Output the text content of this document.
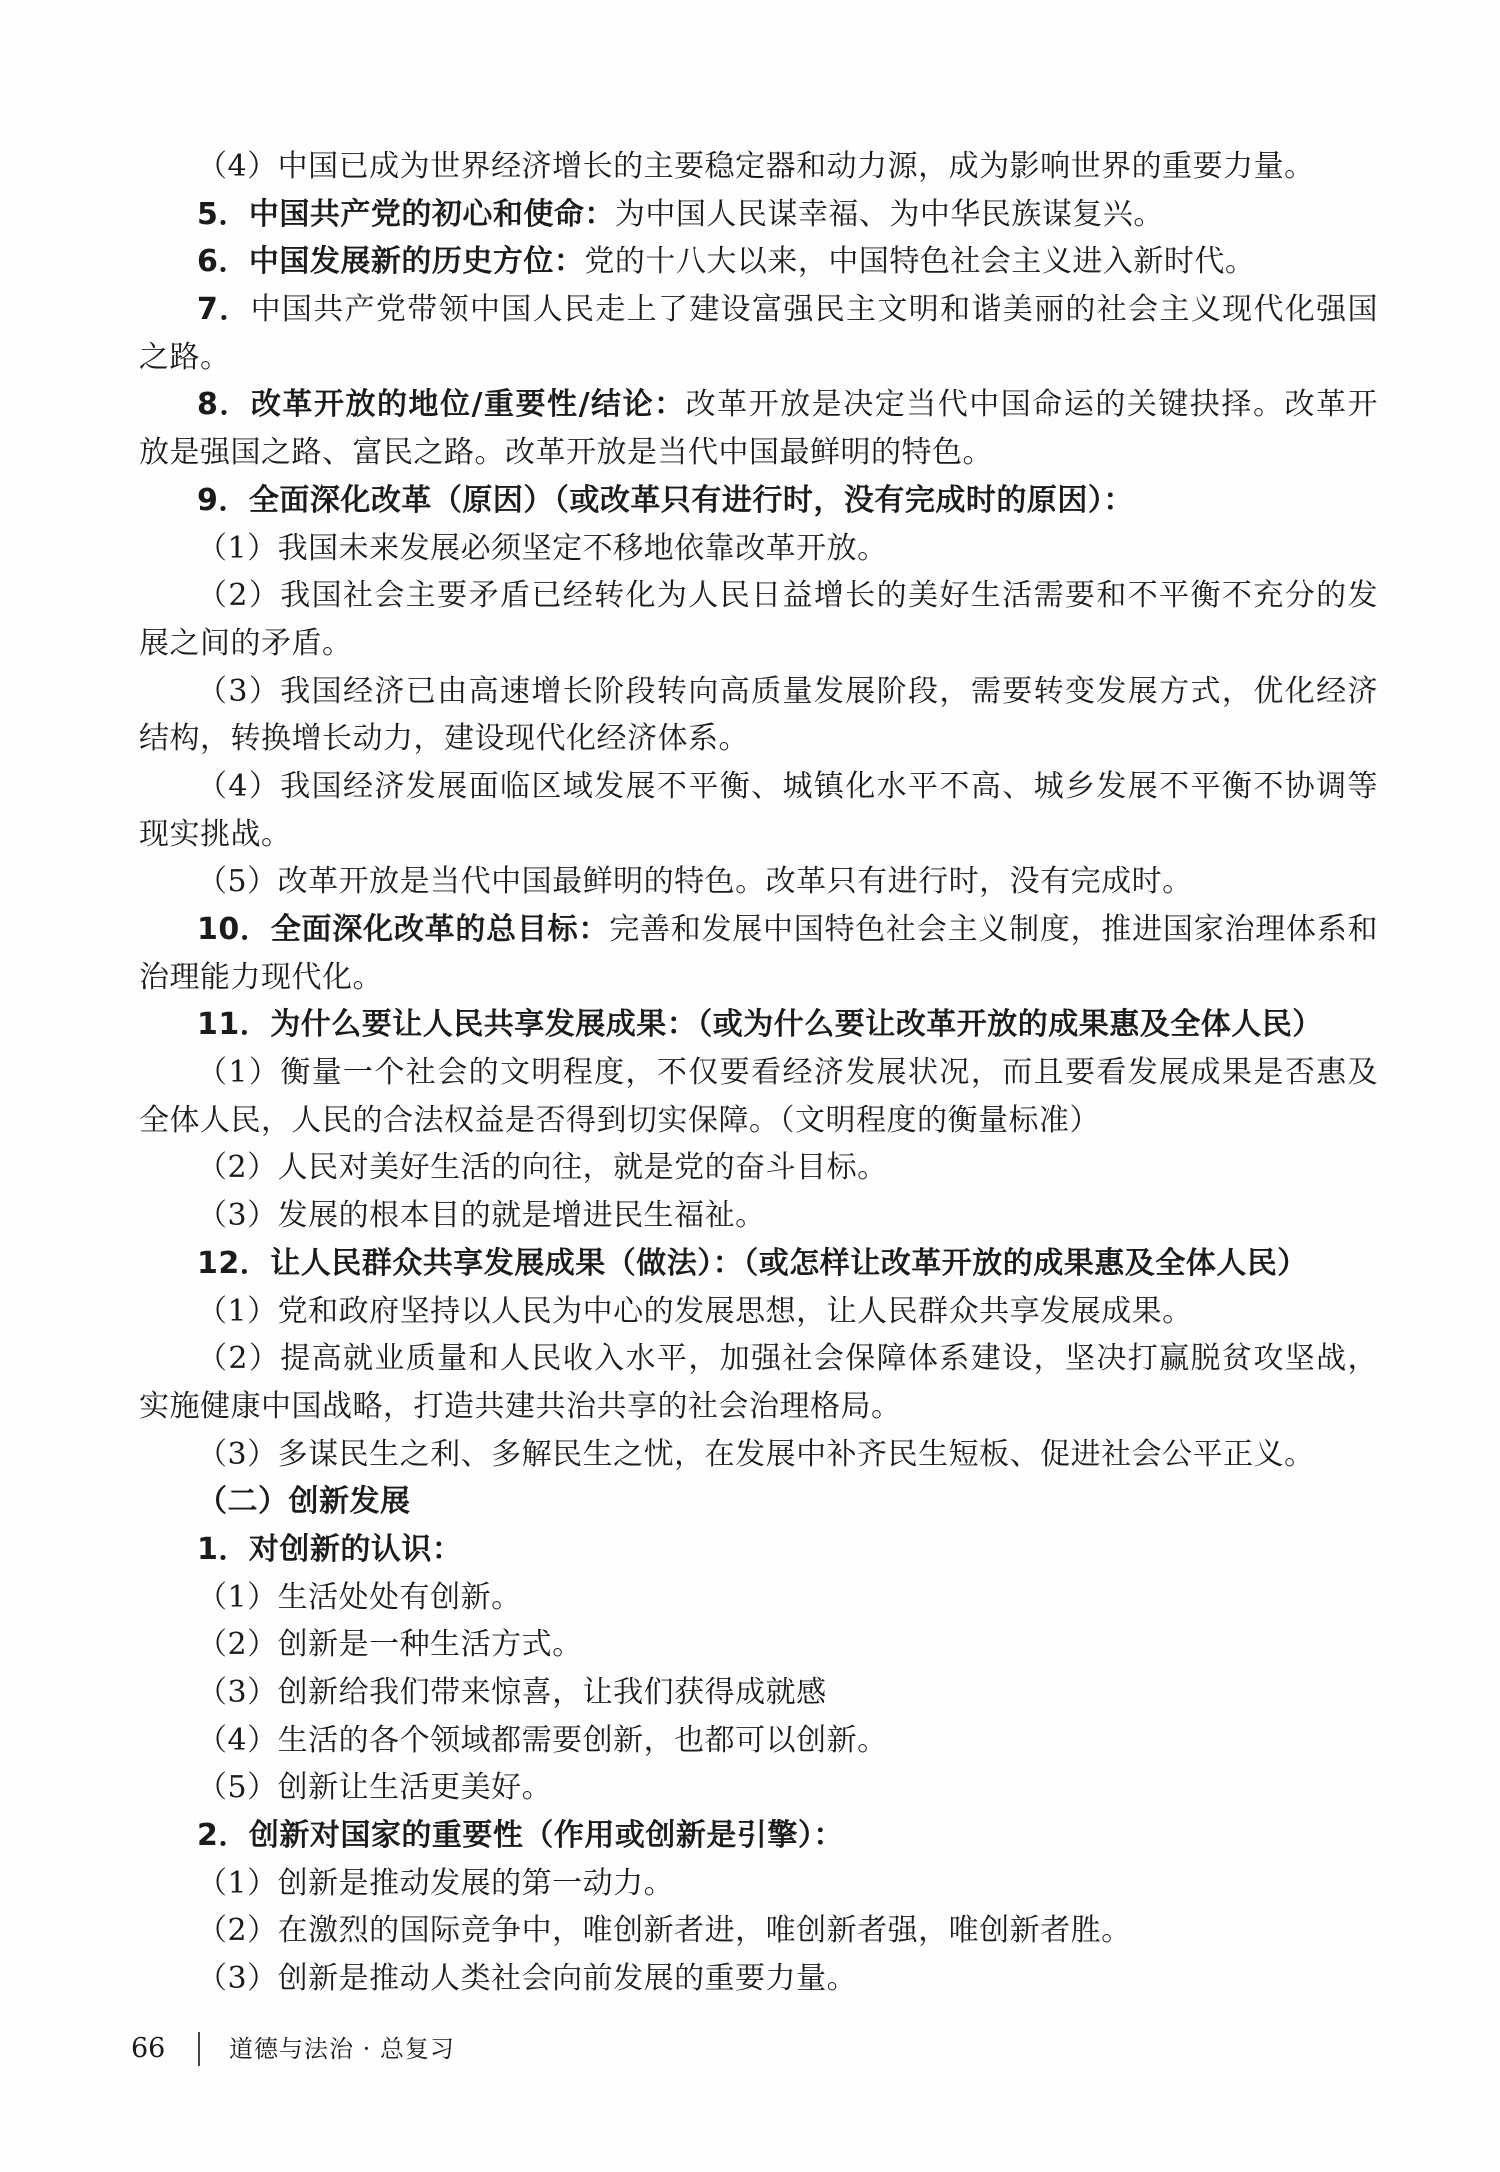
（4）中国已成为世界经济增长的主要稳定器和动力源，成为影响世界的重要力量。
5．中国共产党的初心和使命：为中国人民谋幸福、为中华民族谋复兴。
6．中国发展新的历史方位：党的十八大以来，中国特色社会主义进入新时代。
7．中国共产党带领中国人民走上了建设富强民主文明和谐美丽的社会主义现代化强国
之路。
8．改革开放的地位/重要性/结论：改革开放是决定当代中国命运的关键抉择。改革开
放是强国之路、富民之路。改革开放是当代中国最鲜明的特色。
9．全面深化改革（原因）（或改革只有进行时，没有完成时的原因）：
（1）我国未来发展必须坚定不移地依靠改革开放。
（2）我国社会主要矛盾已经转化为人民日益增长的美好生活需要和不平衡不充分的发
展之间的矛盾。
（3）我国经济已由高速增长阶段转向高质量发展阶段，需要转变发展方式，优化经济
结构，转换增长动力，建设现代化经济体系。
（4）我国经济发展面临区域发展不平衡、城镇化水平不高、城乡发展不平衡不协调等
现实挑战。
（5）改革开放是当代中国最鲜明的特色。改革只有进行时，没有完成时。
10．全面深化改革的总目标：完善和发展中国特色社会主义制度，推进国家治理体系和
治理能力现代化。
11．为什么要让人民共享发展成果：（或为什么要让改革开放的成果惠及全体人民）
（1）衡量一个社会的文明程度，不仅要看经济发展状况，而且要看发展成果是否惠及
全体人民，人民的合法权益是否得到切实保障。（文明程度的衡量标准）
（2）人民对美好生活的向往，就是党的奋斗目标。
（3）发展的根本目的就是增进民生福祉。
12．让人民群众共享发展成果（做法）：（或怎样让改革开放的成果惠及全体人民）
（1）党和政府坚持以人民为中心的发展思想，让人民群众共享发展成果。
（2）提高就业质量和人民收入水平，加强社会保障体系建设，坚决打赢脱贫攻坚战，
实施健康中国战略，打造共建共治共享的社会治理格局。
（3）多谋民生之利、多解民生之忧，在发展中补齐民生短板、促进社会公平正义。
（二）创新发展
1．对创新的认识：
（1）生活处处有创新。
（2）创新是一种生活方式。
（3）创新给我们带来惊喜，让我们获得成就感
（4）生活的各个领域都需要创新，也都可以创新。
（5）创新让生活更美好。
2．创新对国家的重要性（作用或创新是引擎）：
（1）创新是推动发展的第一动力。
（2）在激烈的国际竞争中，唯创新者进，唯创新者强，唯创新者胜。
（3）创新是推动人类社会向前发展的重要力量。
66	道德与法治 · 总复习
